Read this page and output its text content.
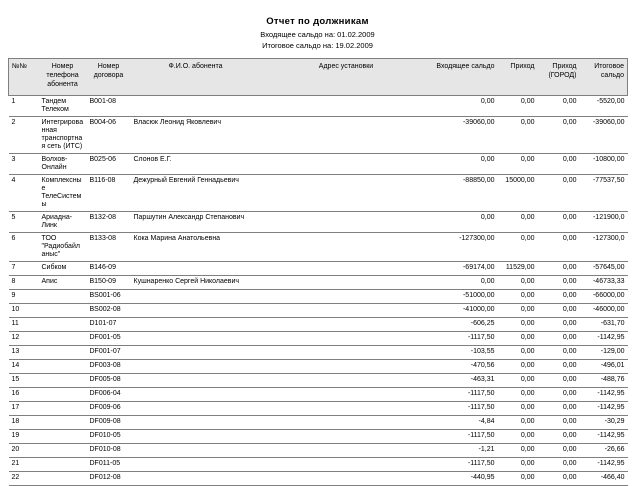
Отчет по должникам
Входящее сальдо на: 01.02.2009
Итоговое сальдо на: 19.02.2009
№№	Номер телефона абонента	Номер договора	Ф.И.О. абонента	Адрес установки	Входящее сальдо	Приход	Приход (ГОРОД)	Итоговое сальдо
1	Тандем Телеком	B001-08			0,00	0,00	0,00	-5520,00
2	Интегрированная транспортная сеть (ИТС)	B004-06	Власюк Леонид Яковлевич		-39060,00	0,00	0,00	-39060,00
3	Волхов-Онлайн	B025-06	Слонов Е.Г.		0,00	0,00	0,00	-10800,00
4	Комплексные ТелеСистемы	B116-08	Дежурный Евгений Геннадьевич		-88850,00	15000,00	0,00	-77537,50
5	Ариадна-Линк	B132-08	Паршутин Александр Степанович		0,00	0,00	0,00	-121900,0
6	ТОО "Радиобайланыс"	B133-08	Кока Марина Анатольевна		-127300,00	0,00	0,00	-127300,0
7	Сибком	B146-09			-69174,00	11529,00	0,00	-57645,00
8	Апис	B150-09	Кушнаренко Сергей Николаевич		0,00	0,00	0,00	-46733,33
9		BS001-06			-51000,00	0,00	0,00	-66000,00
10		BS002-08			-41000,00	0,00	0,00	-46000,00
11		D101-07			-606,25	0,00	0,00	-631,70
12		DF001-05			-1117,50	0,00	0,00	-1142,95
13		DF001-07			-103,55	0,00	0,00	-129,00
14		DF003-08			-470,56	0,00	0,00	-496,01
15		DF005-08			-463,31	0,00	0,00	-488,76
16		DF006-04			-1117,50	0,00	0,00	-1142,95
17		DF009-06			-1117,50	0,00	0,00	-1142,95
18		DF009-08			-4,84	0,00	0,00	-30,29
19		DF010-05			-1117,50	0,00	0,00	-1142,95
20		DF010-08			-1,21	0,00	0,00	-26,66
21		DF011-05			-1117,50	0,00	0,00	-1142,95
22		DF012-08			-440,95	0,00	0,00	-466,40
